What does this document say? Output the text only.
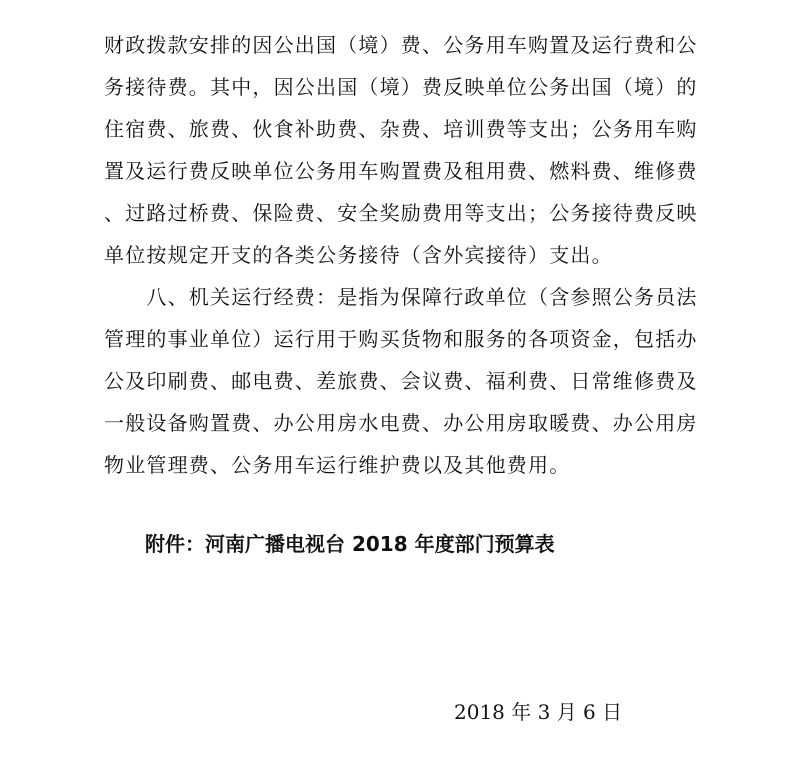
财政拨款安排的因公出国（境）费、公务用车购置及运行费和公
务接待费。其中，因公出国（境）费反映单位公务出国（境）的
住宿费、旅费、伙食补助费、杂费、培训费等支出；公务用车购
置及运行费反映单位公务用车购置费及租用费、燃料费、维修费
、过路过桥费、保险费、安全奖励费用等支出；公务接待费反映
单位按规定开支的各类公务接待（含外宾接待）支出。
　　八、机关运行经费：是指为保障行政单位（含参照公务员法
管理的事业单位）运行用于购买货物和服务的各项资金，包括办
公及印刷费、邮电费、差旅费、会议费、福利费、日常维修费及
一般设备购置费、办公用房水电费、办公用房取暖费、办公用房
物业管理费、公务用车运行维护费以及其他费用。
附件：河南广播电视台 2018 年度部门预算表
2018 年 3 月 6 日
